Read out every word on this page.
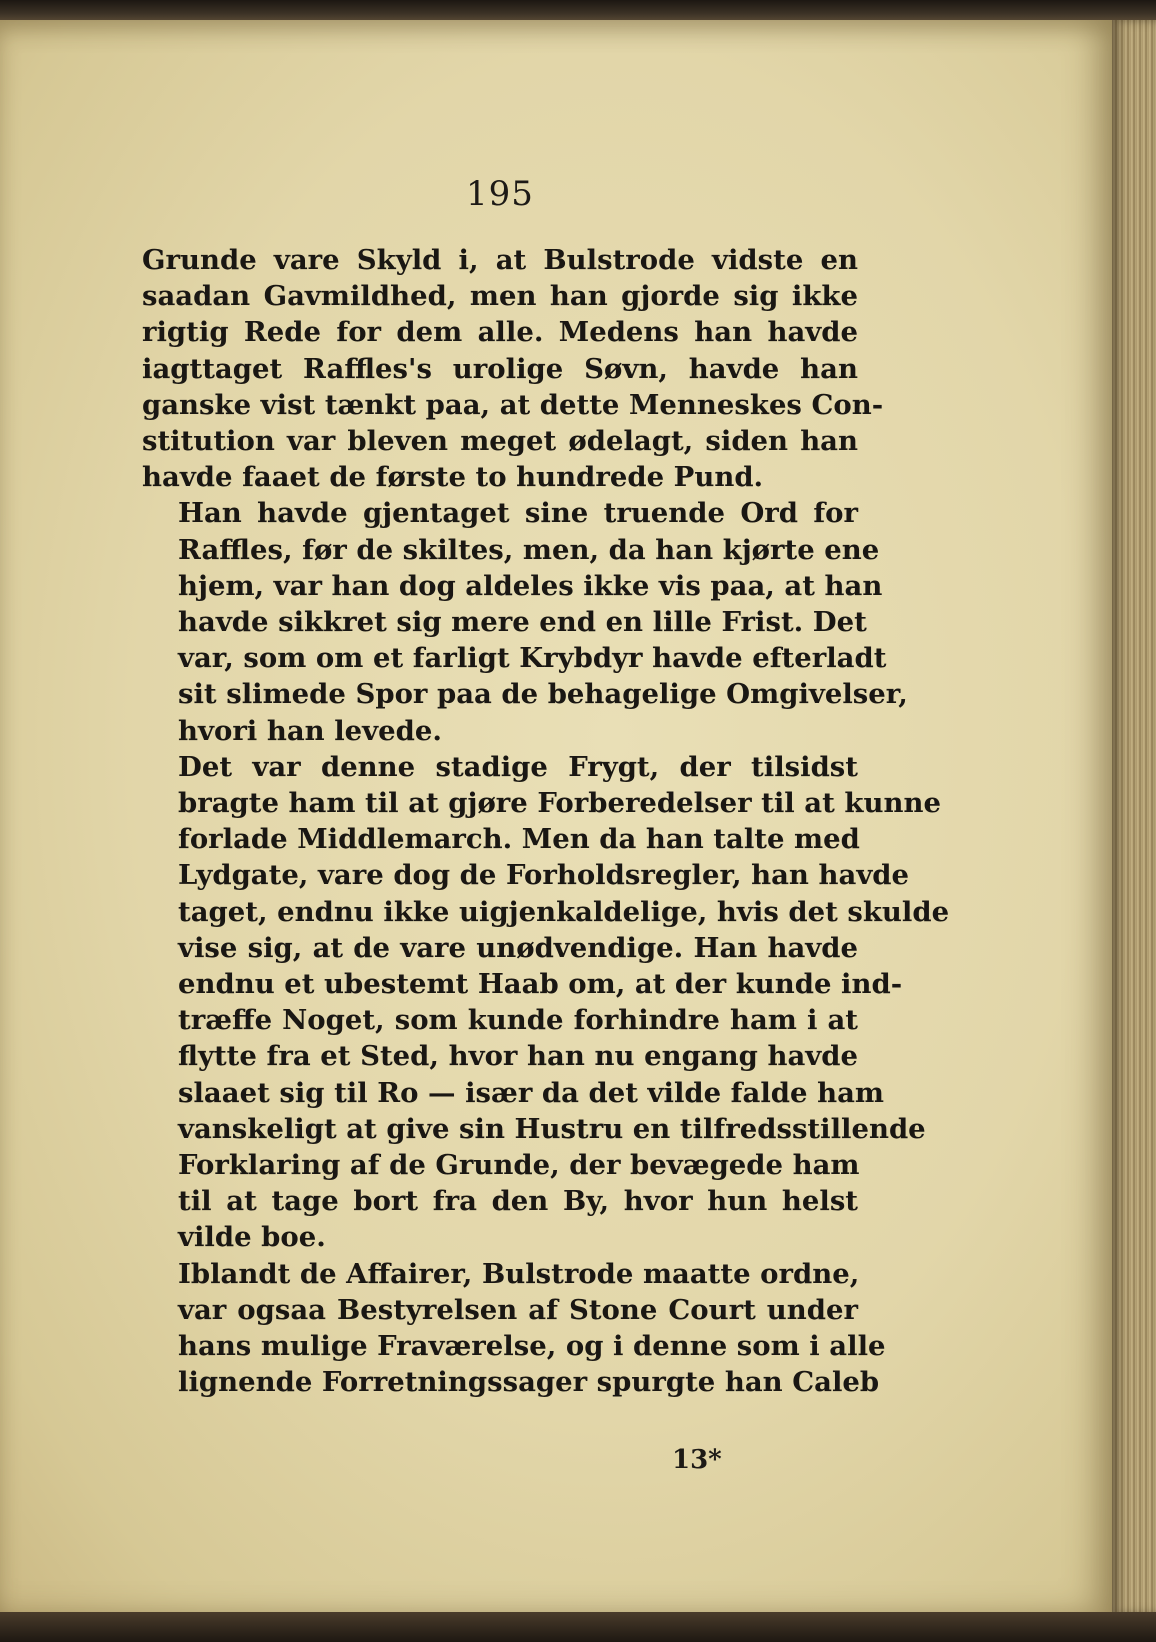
195

Grunde vare Skyld i, at Bulstrode vidste en
saadan Gavmildhed, men han gjorde sig ikke
rigtig Rede for dem alle. Medens han havde
iagttaget Raffles's urolige Søvn, havde han
ganske vist tænkt paa, at dette Menneskes Con-
stitution var bleven meget ødelagt, siden han
havde faaet de første to hundrede Pund.

Han havde gjentaget sine truende Ord for
Raffles, før de skiltes, men, da han kjørte ene
hjem, var han dog aldeles ikke vis paa, at han
havde sikkret sig mere end en lille Frist. Det
var, som om et farligt Krybdyr havde efterladt
sit slimede Spor paa de behagelige Omgivelser,
hvori han levede.

Det var denne stadige Frygt, der tilsidst
bragte ham til at gjøre Forberedelser til at kunne
forlade Middlemarch. Men da han talte med
Lydgate, vare dog de Forholdsregler, han havde
taget, endnu ikke uigjenkaldelige, hvis det skulde
vise sig, at de vare unødvendige. Han havde
endnu et ubestemt Haab om, at der kunde ind-
træffe Noget, som kunde forhindre ham i at
flytte fra et Sted, hvor han nu engang havde
slaaet sig til Ro — især da det vilde falde ham
vanskeligt at give sin Hustru en tilfredsstillende
Forklaring af de Grunde, der bevægede ham
til at tage bort fra den By, hvor hun helst
vilde boe.

Iblandt de Affairer, Bulstrode maatte ordne,
var ogsaa Bestyrelsen af Stone Court under
hans mulige Fraværelse, og i denne som i alle
lignende Forretningssager spurgte han Caleb

13*
